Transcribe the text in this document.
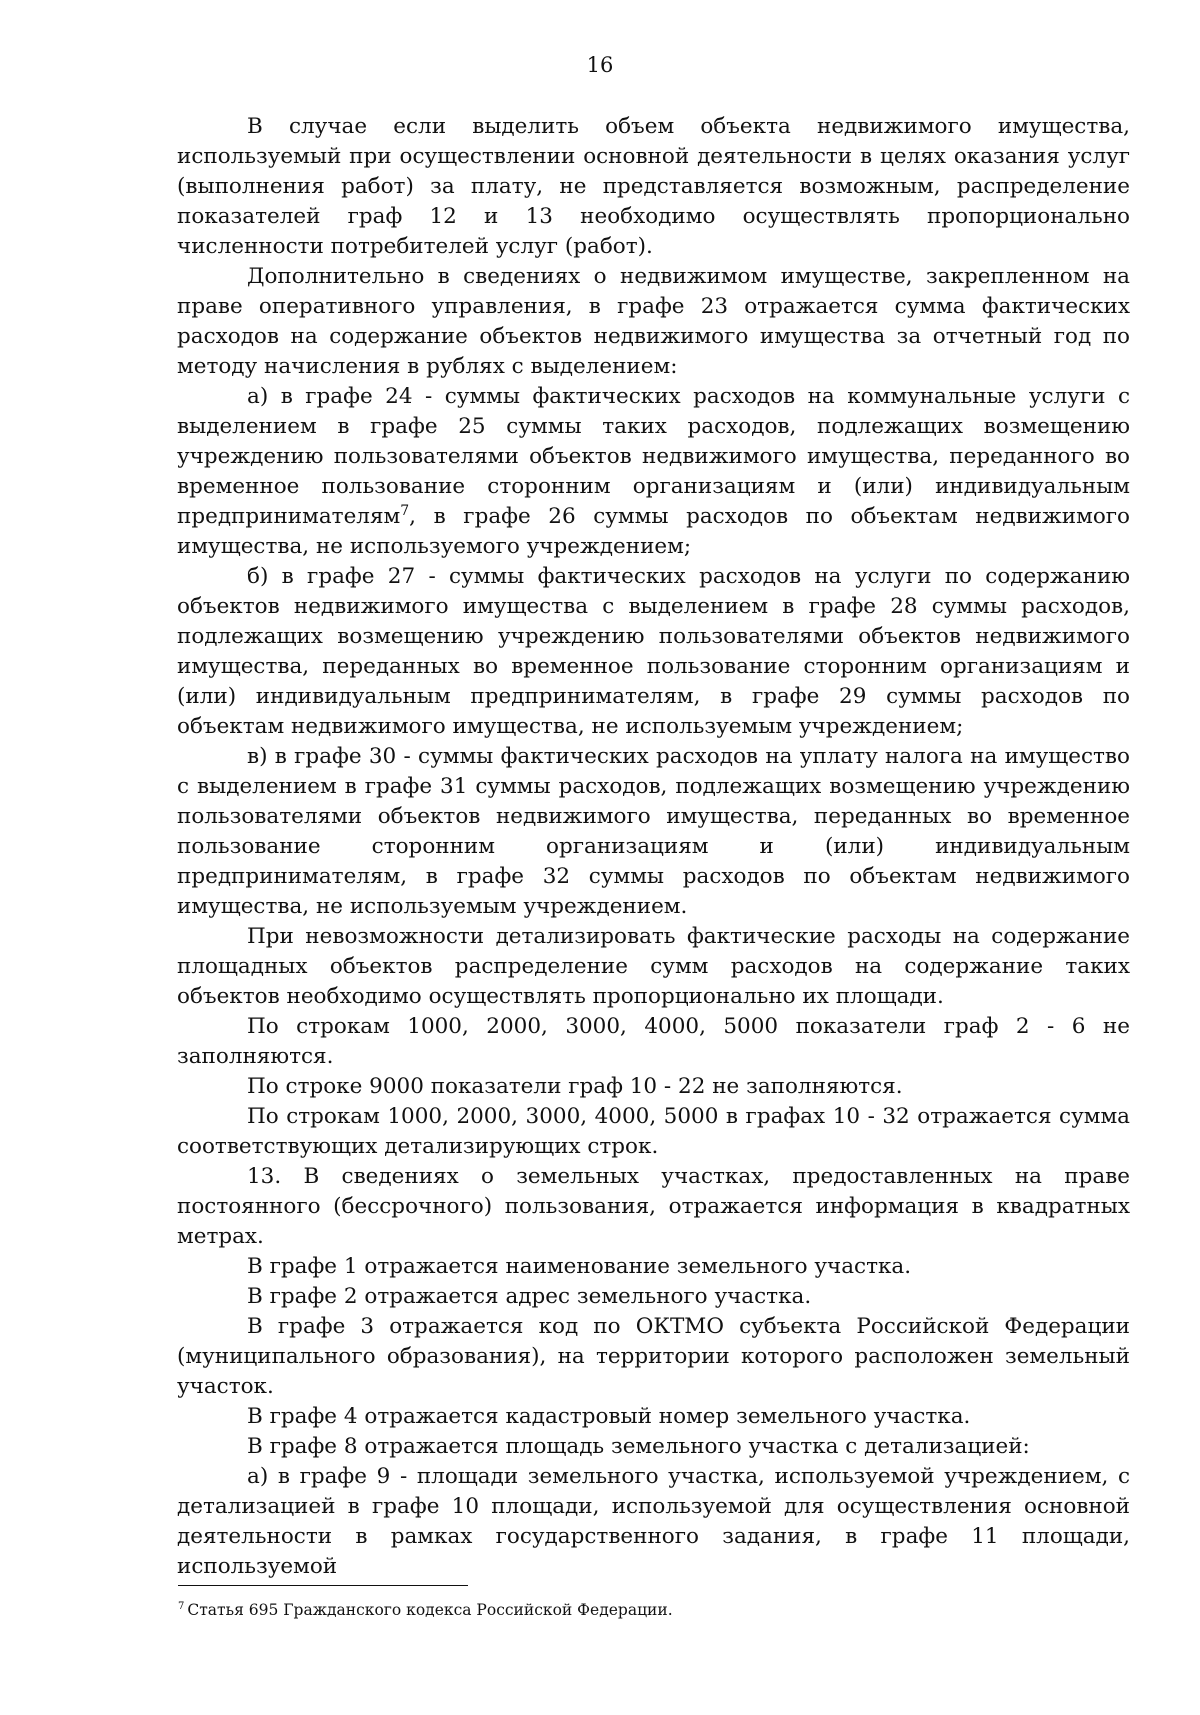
16

В случае если выделить объем объекта недвижимого имущества, используемый при осуществлении основной деятельности в целях оказания услуг (выполнения работ) за плату, не представляется возможным, распределение показателей граф 12 и 13 необходимо осуществлять пропорционально численности потребителей услуг (работ).

Дополнительно в сведениях о недвижимом имуществе, закрепленном на праве оперативного управления, в графе 23 отражается сумма фактических расходов на содержание объектов недвижимого имущества за отчетный год по методу начисления в рублях с выделением:

а) в графе 24 - суммы фактических расходов на коммунальные услуги с выделением в графе 25 суммы таких расходов, подлежащих возмещению учреждению пользователями объектов недвижимого имущества, переданного во временное пользование сторонним организациям и (или) индивидуальным предпринимателям$^7$, в графе 26 суммы расходов по объектам недвижимого имущества, не используемого учреждением;

б) в графе 27 - суммы фактических расходов на услуги по содержанию объектов недвижимого имущества с выделением в графе 28 суммы расходов, подлежащих возмещению учреждению пользователями объектов недвижимого имущества, переданных во временное пользование сторонним организациям и (или) индивидуальным предпринимателям, в графе 29 суммы расходов по объектам недвижимого имущества, не используемым учреждением;

в) в графе 30 - суммы фактических расходов на уплату налога на имущество с выделением в графе 31 суммы расходов, подлежащих возмещению учреждению пользователями объектов недвижимого имущества, переданных во временное пользование сторонним организациям и (или) индивидуальным предпринимателям, в графе 32 суммы расходов по объектам недвижимого имущества, не используемым учреждением.

При невозможности детализировать фактические расходы на содержание площадных объектов распределение сумм расходов на содержание таких объектов необходимо осуществлять пропорционально их площади.

По строкам 1000, 2000, 3000, 4000, 5000 показатели граф 2 - 6 не заполняются.

По строке 9000 показатели граф 10 - 22 не заполняются.

По строкам 1000, 2000, 3000, 4000, 5000 в графах 10 - 32 отражается сумма соответствующих детализирующих строк.

13. В сведениях о земельных участках, предоставленных на праве постоянного (бессрочного) пользования, отражается информация в квадратных метрах.

В графе 1 отражается наименование земельного участка.

В графе 2 отражается адрес земельного участка.

В графе 3 отражается код по ОКТМО субъекта Российской Федерации (муниципального образования), на территории которого расположен земельный участок.

В графе 4 отражается кадастровый номер земельного участка.

В графе 8 отражается площадь земельного участка с детализацией:

а) в графе 9 - площади земельного участка, используемой учреждением, с детализацией в графе 10 площади, используемой для осуществления основной деятельности в рамках государственного задания, в графе 11 площади, используемой

$^7$ Статья 695 Гражданского кодекса Российской Федерации.
